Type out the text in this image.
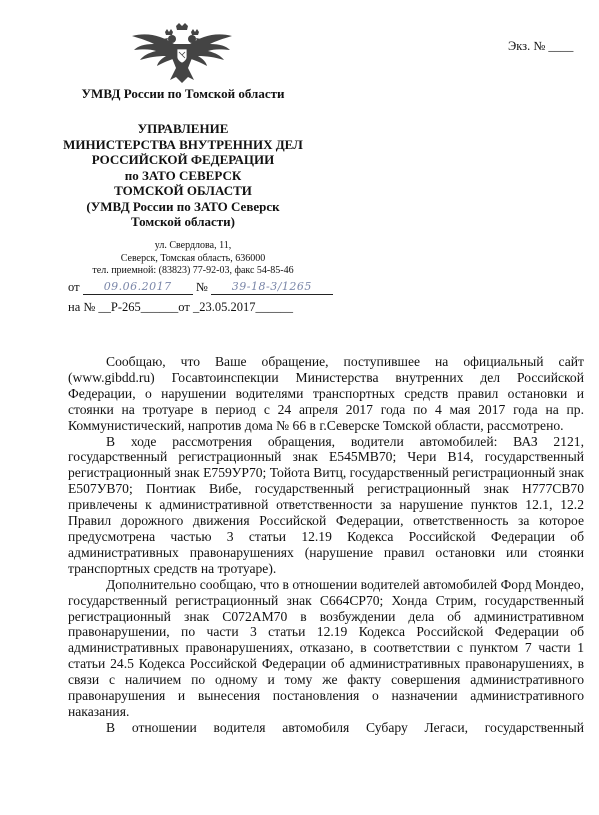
Экз. № ____
УМВД России по Томской области
УПРАВЛЕНИЕ
МИНИСТЕРСТВА ВНУТРЕННИХ ДЕЛ
РОССИЙСКОЙ ФЕДЕРАЦИИ
по ЗАТО СЕВЕРСК
ТОМСКОЙ ОБЛАСТИ
(УМВД России по ЗАТО Северск
Томской области)
ул. Свердлова, 11,
Северск, Томская область, 636000
тел. приемной: (83823) 77-92-03, факс 54-85-46
от 09.06.2017 № 39-18-3/1265
на № __Р-265______от _23.05.2017______

Сообщаю, что Ваше обращение, поступившее на официальный сайт (www.gibdd.ru) Госавтоинспекции Министерства внутренних дел Российской Федерации, о нарушении водителями транспортных средств правил остановки и стоянки на тротуаре в период с 24 апреля 2017 года по 4 мая 2017 года на пр. Коммунистический, напротив дома № 66 в г.Северске Томской области, рассмотрено.

В ходе рассмотрения обращения, водители автомобилей: ВАЗ 2121, государственный регистрационный знак Е545МВ70; Чери В14, государственный регистрационный знак Е759УР70; Тойота Витц, государственный регистрационный знак Е507УВ70; Понтиак Вибе, государственный регистрационный знак Н777СВ70 привлечены к административной ответственности за нарушение пунктов 12.1, 12.2 Правил дорожного движения Российской Федерации, ответственность за которое предусмотрена частью 3 статьи 12.19 Кодекса Российской Федерации об административных правонарушениях (нарушение правил остановки или стоянки транспортных средств на тротуаре).

Дополнительно сообщаю, что в отношении водителей автомобилей Форд Мондео, государственный регистрационный знак С664СР70; Хонда Стрим, государственный регистрационный знак С072АМ70 в возбуждении дела об административном правонарушении, по части 3 статьи 12.19 Кодекса Российской Федерации об административных правонарушениях, отказано, в соответствии с пунктом 7 части 1 статьи 24.5 Кодекса Российской Федерации об административных правонарушениях, в связи с наличием по одному и тому же факту совершения административного правонарушения и вынесения постановления о назначении административного наказания.

В отношении водителя автомобиля Субару Легаси, государственный
